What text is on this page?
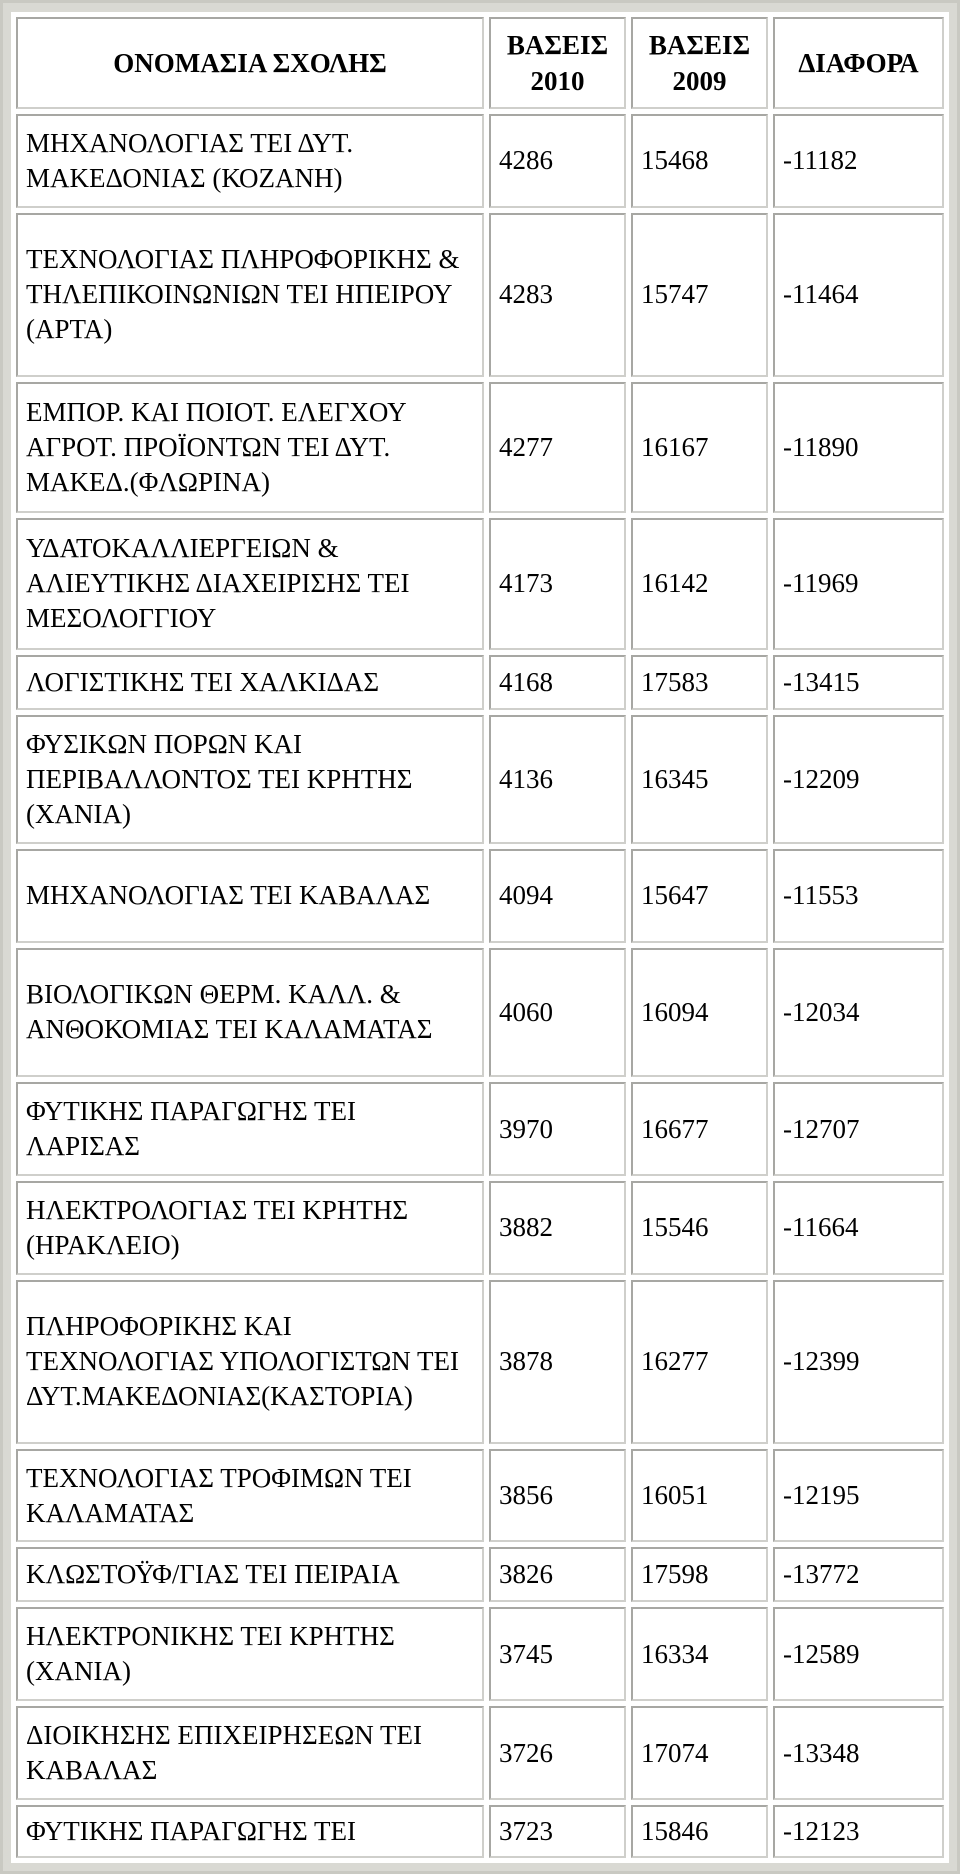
ΟΝΟΜΑΣΙΑ ΣΧΟΛΗΣ	ΒΑΣΕΙΣ 2010	ΒΑΣΕΙΣ 2009	ΔΙΑΦΟΡΑ
ΜΗΧΑΝΟΛΟΓΙΑΣ ΤΕΙ ΔΥΤ. ΜΑΚΕΔΟΝΙΑΣ (ΚΟΖΑΝΗ)	4286	15468	-11182
ΤΕΧΝΟΛΟΓΙΑΣ ΠΛΗΡΟΦΟΡΙΚΗΣ & ΤΗΛΕΠΙΚΟΙΝΩΝΙΩΝ ΤΕΙ ΗΠΕΙΡΟΥ (ΑΡΤΑ)	4283	15747	-11464
ΕΜΠΟΡ. ΚΑΙ ΠΟΙΟΤ. ΕΛΕΓΧΟΥ ΑΓΡΟΤ. ΠΡΟΪΟΝΤΩΝ ΤΕΙ ΔΥΤ. ΜΑΚΕΔ.(ΦΛΩΡΙΝΑ)	4277	16167	-11890
ΥΔΑΤΟΚΑΛΛΙΕΡΓΕΙΩΝ & ΑΛΙΕΥΤΙΚΗΣ ΔΙΑΧΕΙΡΙΣΗΣ ΤΕΙ ΜΕΣΟΛΟΓΓΙΟΥ	4173	16142	-11969
ΛΟΓΙΣΤΙΚΗΣ ΤΕΙ ΧΑΛΚΙΔΑΣ	4168	17583	-13415
ΦΥΣΙΚΩΝ ΠΟΡΩΝ ΚΑΙ ΠΕΡΙΒΑΛΛΟΝΤΟΣ ΤΕΙ ΚΡΗΤΗΣ (ΧΑΝΙΑ)	4136	16345	-12209
ΜΗΧΑΝΟΛΟΓΙΑΣ ΤΕΙ ΚΑΒΑΛΑΣ	4094	15647	-11553
ΒΙΟΛΟΓΙΚΩΝ ΘΕΡΜ. ΚΑΛΛ. & ΑΝΘΟΚΟΜΙΑΣ ΤΕΙ ΚΑΛΑΜΑΤΑΣ	4060	16094	-12034
ΦΥΤΙΚΗΣ ΠΑΡΑΓΩΓΗΣ ΤΕΙ ΛΑΡΙΣΑΣ	3970	16677	-12707
ΗΛΕΚΤΡΟΛΟΓΙΑΣ ΤΕΙ ΚΡΗΤΗΣ (ΗΡΑΚΛΕΙΟ)	3882	15546	-11664
ΠΛΗΡΟΦΟΡΙΚΗΣ ΚΑΙ ΤΕΧΝΟΛΟΓΙΑΣ ΥΠΟΛΟΓΙΣΤΩΝ ΤΕΙ ΔΥΤ.ΜΑΚΕΔΟΝΙΑΣ(ΚΑΣΤΟΡΙΑ)	3878	16277	-12399
ΤΕΧΝΟΛΟΓΙΑΣ ΤΡΟΦΙΜΩΝ ΤΕΙ ΚΑΛΑΜΑΤΑΣ	3856	16051	-12195
ΚΛΩΣΤΟΫΦ/ΓΙΑΣ ΤΕΙ ΠΕΙΡΑΙΑ	3826	17598	-13772
ΗΛΕΚΤΡΟΝΙΚΗΣ ΤΕΙ ΚΡΗΤΗΣ (ΧΑΝΙΑ)	3745	16334	-12589
ΔΙΟΙΚΗΣΗΣ ΕΠΙΧΕΙΡΗΣΕΩΝ ΤΕΙ ΚΑΒΑΛΑΣ	3726	17074	-13348
ΦΥΤΙΚΗΣ ΠΑΡΑΓΩΓΗΣ ΤΕΙ	3723	15846	-12123
